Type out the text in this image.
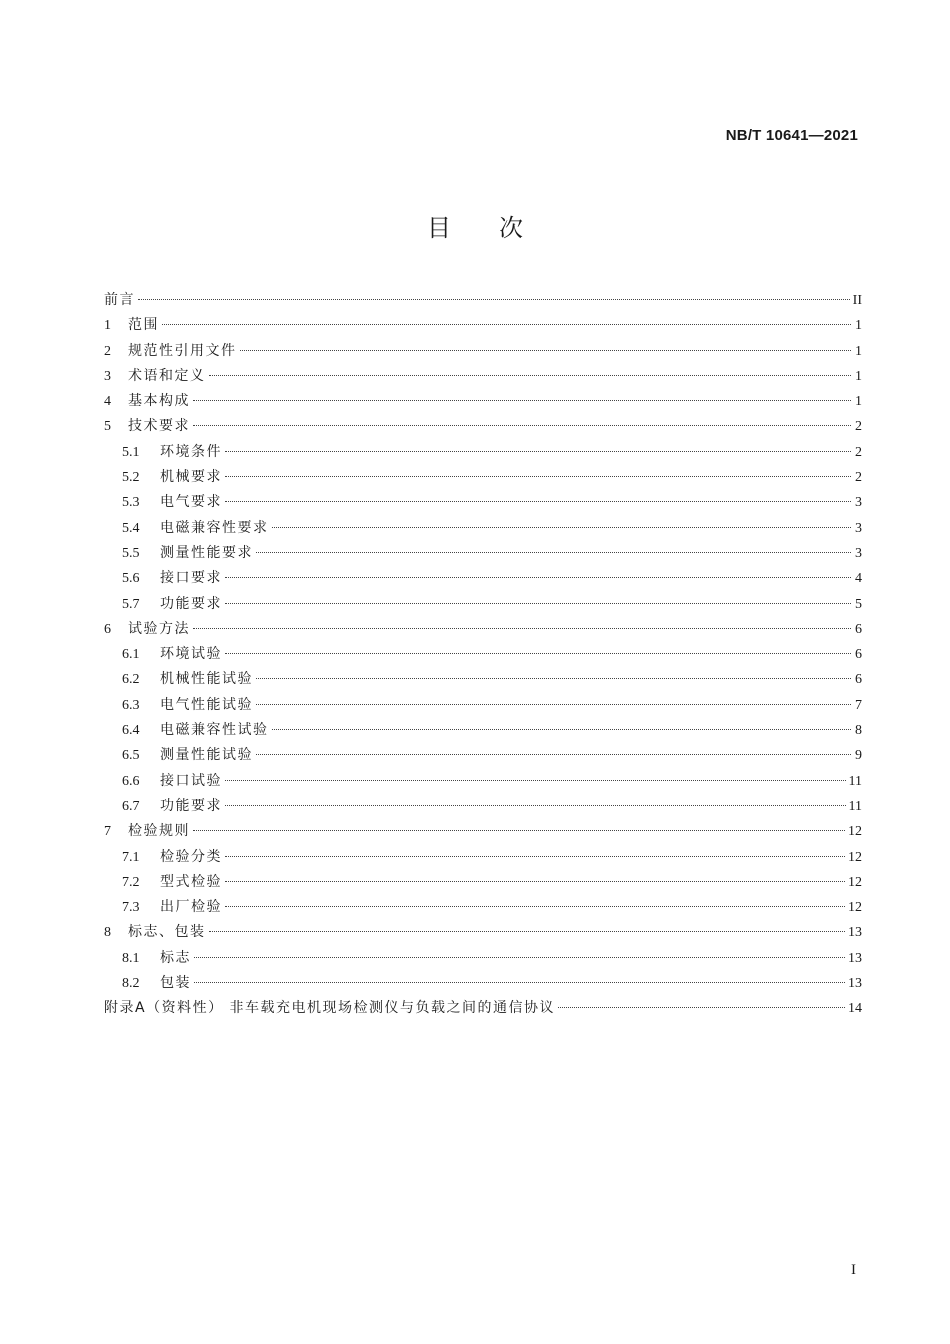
NB/T 10641—2021
目次
前言	II
1	范围	1
2	规范性引用文件	1
3	术语和定义	1
4	基本构成	1
5	技术要求	2
5.1	环境条件	2
5.2	机械要求	2
5.3	电气要求	3
5.4	电磁兼容性要求	3
5.5	测量性能要求	3
5.6	接口要求	4
5.7	功能要求	5
6	试验方法	6
6.1	环境试验	6
6.2	机械性能试验	6
6.3	电气性能试验	7
6.4	电磁兼容性试验	8
6.5	测量性能试验	9
6.6	接口试验	11
6.7	功能要求	11
7	检验规则	12
7.1	检验分类	12
7.2	型式检验	12
7.3	出厂检验	12
8	标志、包装	13
8.1	标志	13
8.2	包装	13
附录A（资料性） 非车载充电机现场检测仪与负载之间的通信协议	14
I
